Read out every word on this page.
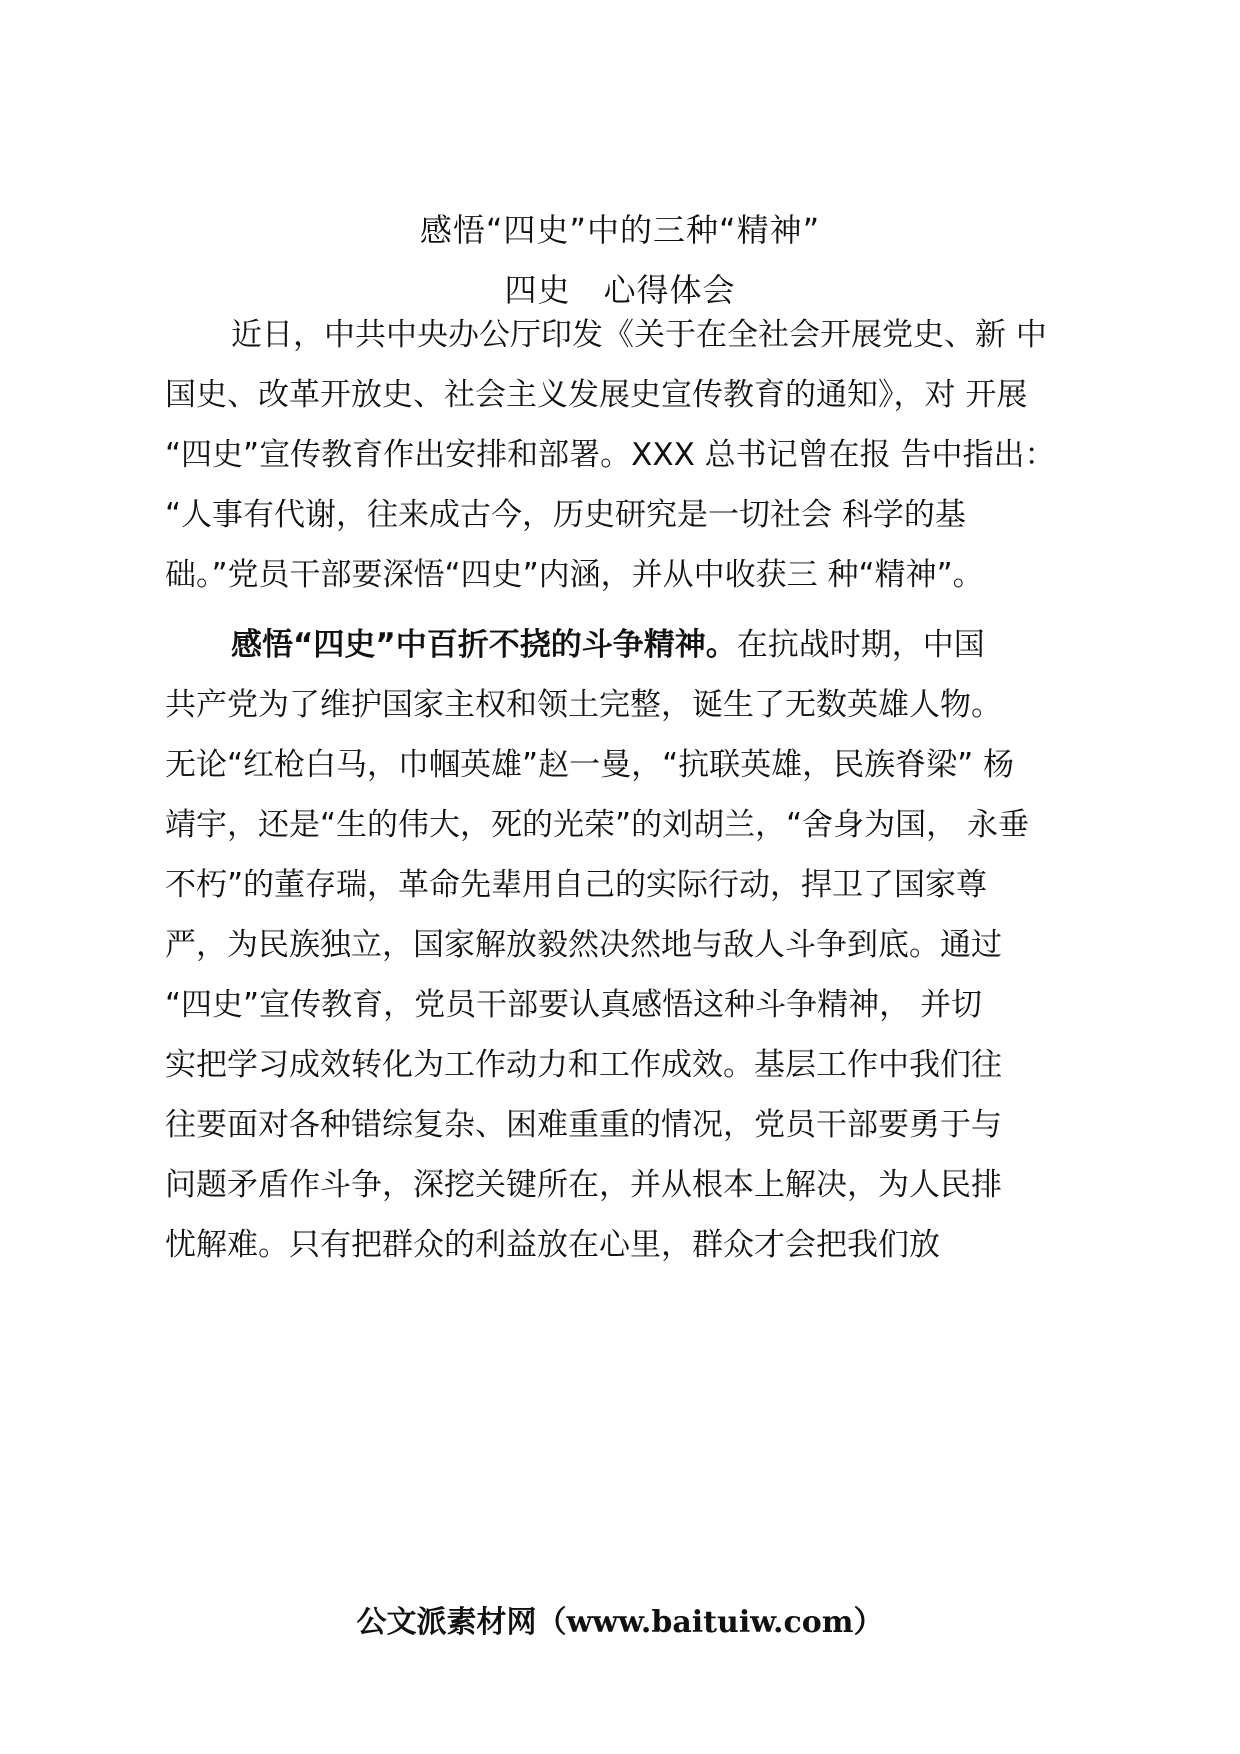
感悟“四史”中的三种“精神”
四史　心得体会
近日，中共中央办公厅印发《关于在全社会开展党史、新 中
国史、改革开放史、社会主义发展史宣传教育的通知》，对 开展
“四史”宣传教育作出安排和部署。XXX 总书记曾在报 告中指出：
“人事有代谢，往来成古今，历史研究是一切社会 科学的基
础。”党员干部要深悟“四史”内涵，并从中收获三 种“精神”。
感悟“四史”中百折不挠的斗争精神。在抗战时期，中国
共产党为了维护国家主权和领土完整，诞生了无数英雄人物。
无论“红枪白马，巾帼英雄”赵一曼，“抗联英雄，民族脊梁” 杨
靖宇，还是“生的伟大，死的光荣”的刘胡兰，“舍身为国， 永垂
不朽”的董存瑞，革命先辈用自己的实际行动，捍卫了国家尊
严，为民族独立，国家解放毅然决然地与敌人斗争到底。通过
“四史”宣传教育，党员干部要认真感悟这种斗争精神， 并切
实把学习成效转化为工作动力和工作成效。基层工作中我们往
往要面对各种错综复杂、困难重重的情况，党员干部要勇于与
问题矛盾作斗争，深挖关键所在，并从根本上解决，为人民排
忧解难。只有把群众的利益放在心里，群众才会把我们放
公文派素材网（www.baituiw.com）
